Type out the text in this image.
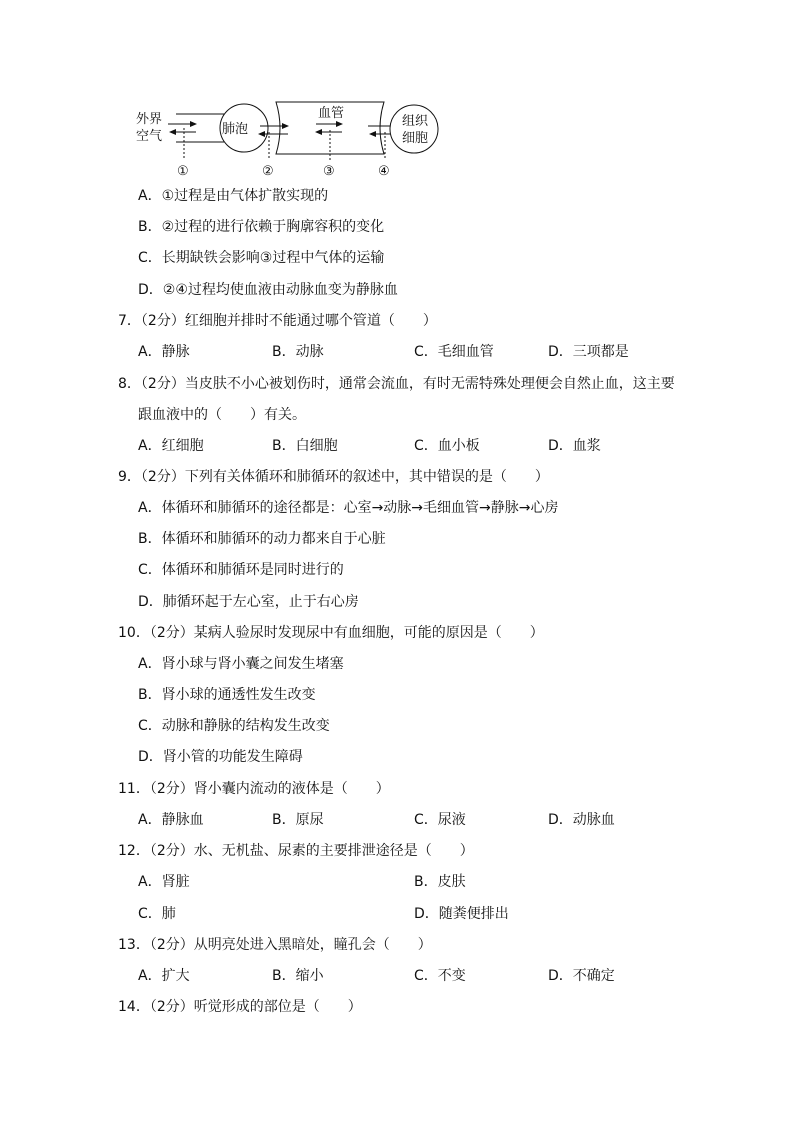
外界
空气	肺泡
血管
组织
细胞
①	②	③	④
A．①过程是由气体扩散实现的
B．②过程的进行依赖于胸廓容积的变化
C．长期缺铁会影响③过程中气体的运输
D．②④过程均使血液由动脉血变为静脉血
7．（2分）红细胞并排时不能通过哪个管道（　　）
A．静脉	B．动脉	C．毛细血管	D．三项都是
8．（2分）当皮肤不小心被划伤时，通常会流血，有时无需特殊处理便会自然止血，这主要
跟血液中的（　　）有关。
A．红细胞	B．白细胞	C．血小板	D．血浆
9．（2分）下列有关体循环和肺循环的叙述中，其中错误的是（　　）
A．体循环和肺循环的途径都是：心室→动脉→毛细血管→静脉→心房
B．体循环和肺循环的动力都来自于心脏
C．体循环和肺循环是同时进行的
D．肺循环起于左心室，止于右心房
10．（2分）某病人验尿时发现尿中有血细胞，可能的原因是（　　）
A．肾小球与肾小囊之间发生堵塞
B．肾小球的通透性发生改变
C．动脉和静脉的结构发生改变
D．肾小管的功能发生障碍
11．（2分）肾小囊内流动的液体是（　　）
A．静脉血	B．原尿	C．尿液	D．动脉血
12．（2分）水、无机盐、尿素的主要排泄途径是（　　）
A．肾脏	B．皮肤
C．肺	D．随粪便排出
13．（2分）从明亮处进入黑暗处，瞳孔会（　　）
A．扩大	B．缩小	C．不变	D．不确定
14．（2分）听觉形成的部位是（　　）
